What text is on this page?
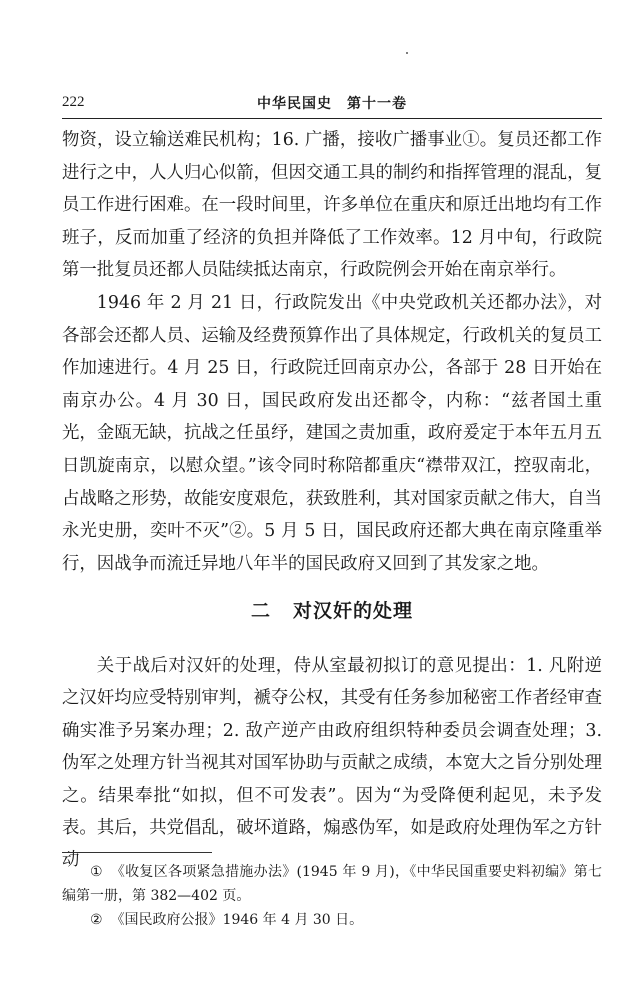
222	中华民国史　第十一卷

物资，设立输送难民机构；16. 广播，接收广播事业①。复员还都工作进行之中，人人归心似箭，但因交通工具的制约和指挥管理的混乱，复员工作进行困难。在一段时间里，许多单位在重庆和原迁出地均有工作班子，反而加重了经济的负担并降低了工作效率。12 月中旬，行政院第一批复员还都人员陆续抵达南京，行政院例会开始在南京举行。

1946 年 2 月 21 日，行政院发出《中央党政机关还都办法》，对各部会还都人员、运输及经费预算作出了具体规定，行政机关的复员工作加速进行。4 月 25 日，行政院迁回南京办公，各部于 28 日开始在南京办公。4 月 30 日，国民政府发出还都令，内称：“兹者国土重光，金瓯无缺，抗战之任虽纾，建国之责加重，政府爰定于本年五月五日凯旋南京，以慰众望。”该令同时称陪都重庆“襟带双江，控驭南北，占战略之形势，故能安度艰危，获致胜利，其对国家贡献之伟大，自当永光史册，奕叶不灭”②。5 月 5 日，国民政府还都大典在南京隆重举行，因战争而流迁异地八年半的国民政府又回到了其发家之地。

二 对汉奸的处理

关于战后对汉奸的处理，侍从室最初拟订的意见提出：1. 凡附逆之汉奸均应受特别审判，褫夺公权，其受有任务参加秘密工作者经审查确实准予另案办理；2. 敌产逆产由政府组织特种委员会调查处理；3. 伪军之处理方针当视其对国军协助与贡献之成绩，本宽大之旨分别处理之。结果奉批“如拟，但不可发表”。因为“为受降便利起见，未予发表。其后，共党倡乱，破坏道路，煽惑伪军，如是政府处理伪军之方针动

① 《收复区各项紧急措施办法》(1945 年 9 月)，《中华民国重要史料初编》第七编第一册，第 382—402 页。

② 《国民政府公报》1946 年 4 月 30 日。
